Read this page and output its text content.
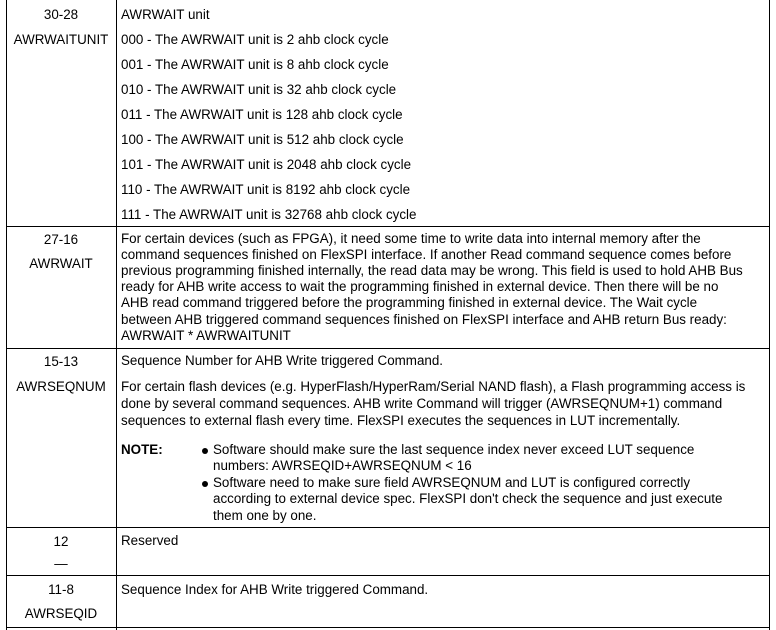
30-28
AWRWAITUNIT
AWRWAIT unit
000 - The AWRWAIT unit is 2 ahb clock cycle
001 - The AWRWAIT unit is 8 ahb clock cycle
010 - The AWRWAIT unit is 32 ahb clock cycle
011 - The AWRWAIT unit is 128 ahb clock cycle
100 - The AWRWAIT unit is 512 ahb clock cycle
101 - The AWRWAIT unit is 2048 ahb clock cycle
110 - The AWRWAIT unit is 8192 ahb clock cycle
111 - The AWRWAIT unit is 32768 ahb clock cycle
27-16
AWRWAIT
For certain devices (such as FPGA), it need some time to write data into internal memory after the
command sequences finished on FlexSPI interface. If another Read command sequence comes before
previous programming finished internally, the read data may be wrong. This field is used to hold AHB Bus
ready for AHB write access to wait the programming finished in external device. Then there will be no
AHB read command triggered before the programming finished in external device. The Wait cycle
between AHB triggered command sequences finished on FlexSPI interface and AHB return Bus ready:
AWRWAIT * AWRWAITUNIT
15-13
AWRSEQNUM
Sequence Number for AHB Write triggered Command.
For certain flash devices (e.g. HyperFlash/HyperRam/Serial NAND flash), a Flash programming access is
done by several command sequences. AHB write Command will trigger (AWRSEQNUM+1) command
sequences to external flash every time. FlexSPI executes the sequences in LUT incrementally.
NOTE:	Software should make sure the last sequence index never exceed LUT sequence
numbers: AWRSEQID+AWRSEQNUM < 16
Software need to make sure field AWRSEQNUM and LUT is configured correctly
according to external device spec. FlexSPI don't check the sequence and just execute
them one by one.
12
—
Reserved
11-8
AWRSEQID
Sequence Index for AHB Write triggered Command.
